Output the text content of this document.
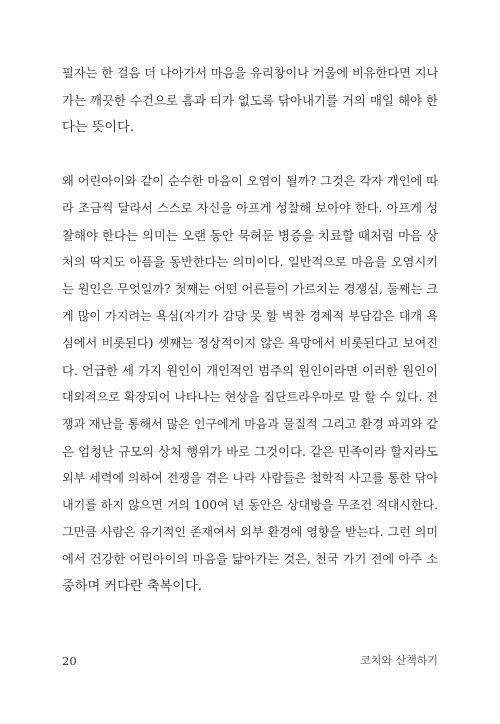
필자는 한 걸음 더 나아가서 마음을 유리창이나 거울에 비유한다면 지나
가는 깨끗한 수건으로 흠과 티가 없도록 닦아내기를 거의 매일 해야 한
다는 뜻이다.
왜 어린아이와 같이 순수한 마음이 오염이 될까? 그것은 각자 개인에 따
라 조금씩 달라서 스스로 자신을 아프게 성찰해 보아야 한다. 아프게 성
찰해야 한다는 의미는 오랜 동안 묵혀둔 병증을 치료할 때처럼 마음 상
처의 딱지도 아픔을 동반한다는 의미이다. 일반적으로 마음을 오염시키
는 원인은 무엇일까? 첫째는 어떤 어른들이 가르치는 경쟁심, 둘째는 크
게 많이 가지려는 욕심(자기가 감당 못 할 벅찬 경제적 부담감은 대개 욕
심에서 비롯된다) 셋째는 정상적이지 않은 욕망에서 비롯된다고 보여진
다. 언급한 세 가지 원인이 개인적인 범주의 원인이라면 이러한 원인이
대외적으로 확장되어 나타나는 현상을 집단트라우마로 말 할 수 있다. 전
쟁과 재난을 통해서 많은 인구에게 마음과 물질적 그리고 환경 파괴와 같
은 엄청난 규모의 상처 행위가 바로 그것이다. 같은 민족이라 할지라도
외부 세력에 의하여 전쟁을 겪은 나라 사람들은 철학적 사고를 통한 닦아
내기를 하지 않으면 거의 100여 년 동안은 상대방을 무조건 적대시한다.
그만큼 사람은 유기적인 존재여서 외부 환경에 영향을 받는다. 그런 의미
에서 건강한 어린아이의 마음을 닮아가는 것은, 천국 가기 전에 아주 소
중하며 커다란 축복이다.
20	코치와 산책하기
